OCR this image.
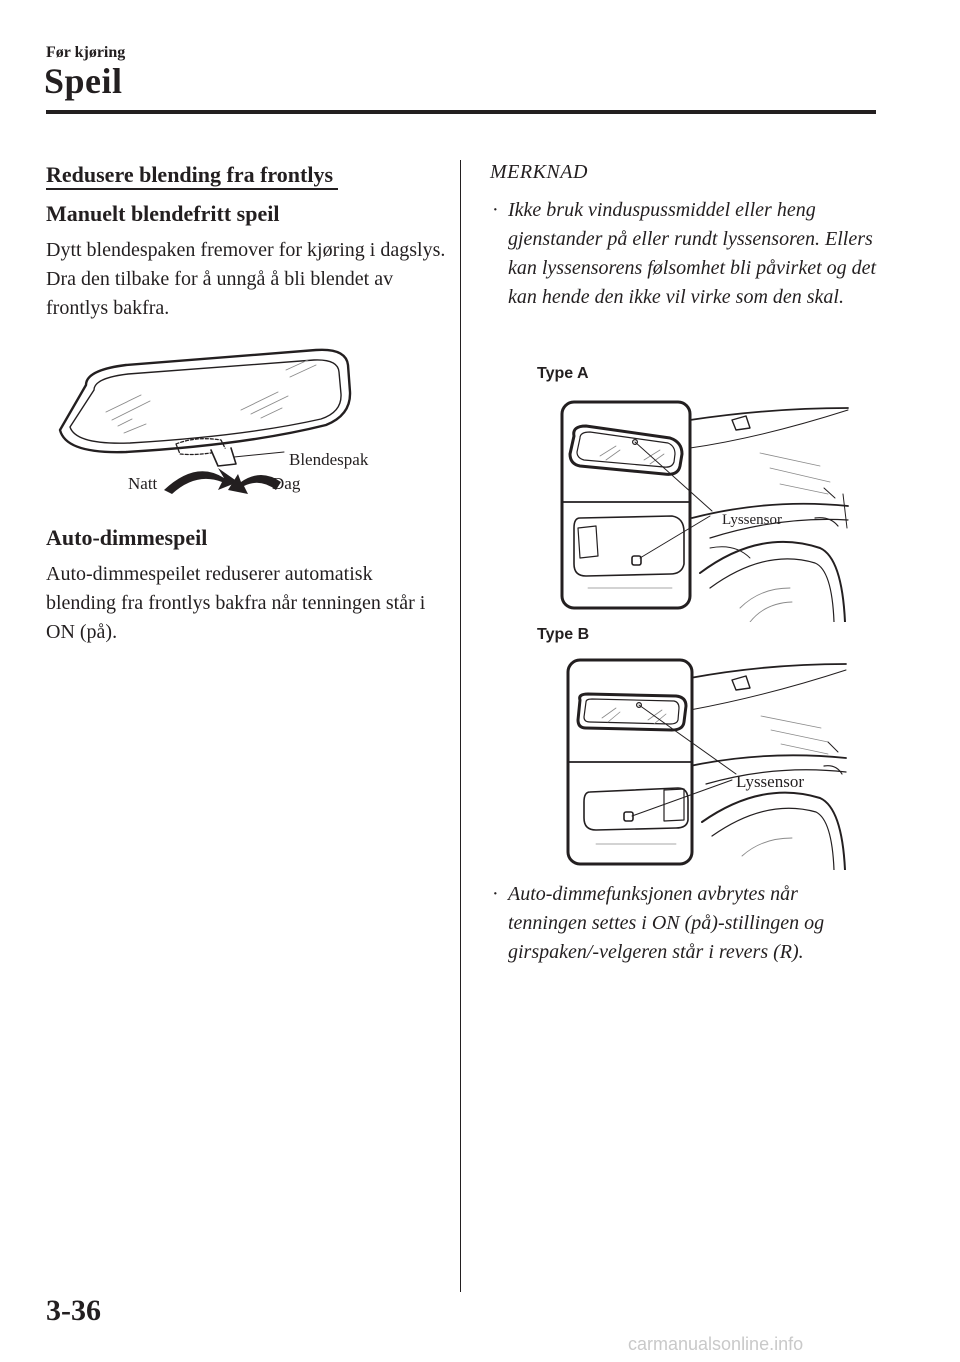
Før kjøring
Speil
Redusere blending fra frontlys
Manuelt blendefritt speil
Dytt blendespaken fremover for kjøring i dagslys. Dra den tilbake for å unngå å bli blendet av frontlys bakfra.
Blendespak
Natt	Dag
Auto-dimmespeil
Auto-dimmespeilet reduserer automatisk blending fra frontlys bakfra når tenningen står i ON (på).
MERKNAD
· Ikke bruk vinduspussmiddel eller heng gjenstander på eller rundt lyssensoren. Ellers kan lyssensorens følsomhet bli påvirket og det kan hende den ikke vil virke som den skal.
Type A
Lyssensor
Type B
Lyssensor
· Auto-dimmefunksjonen avbrytes når tenningen settes i ON (på)-stillingen og girspaken/-velgeren står i revers (R).
3-36
carmanualsonline.info
